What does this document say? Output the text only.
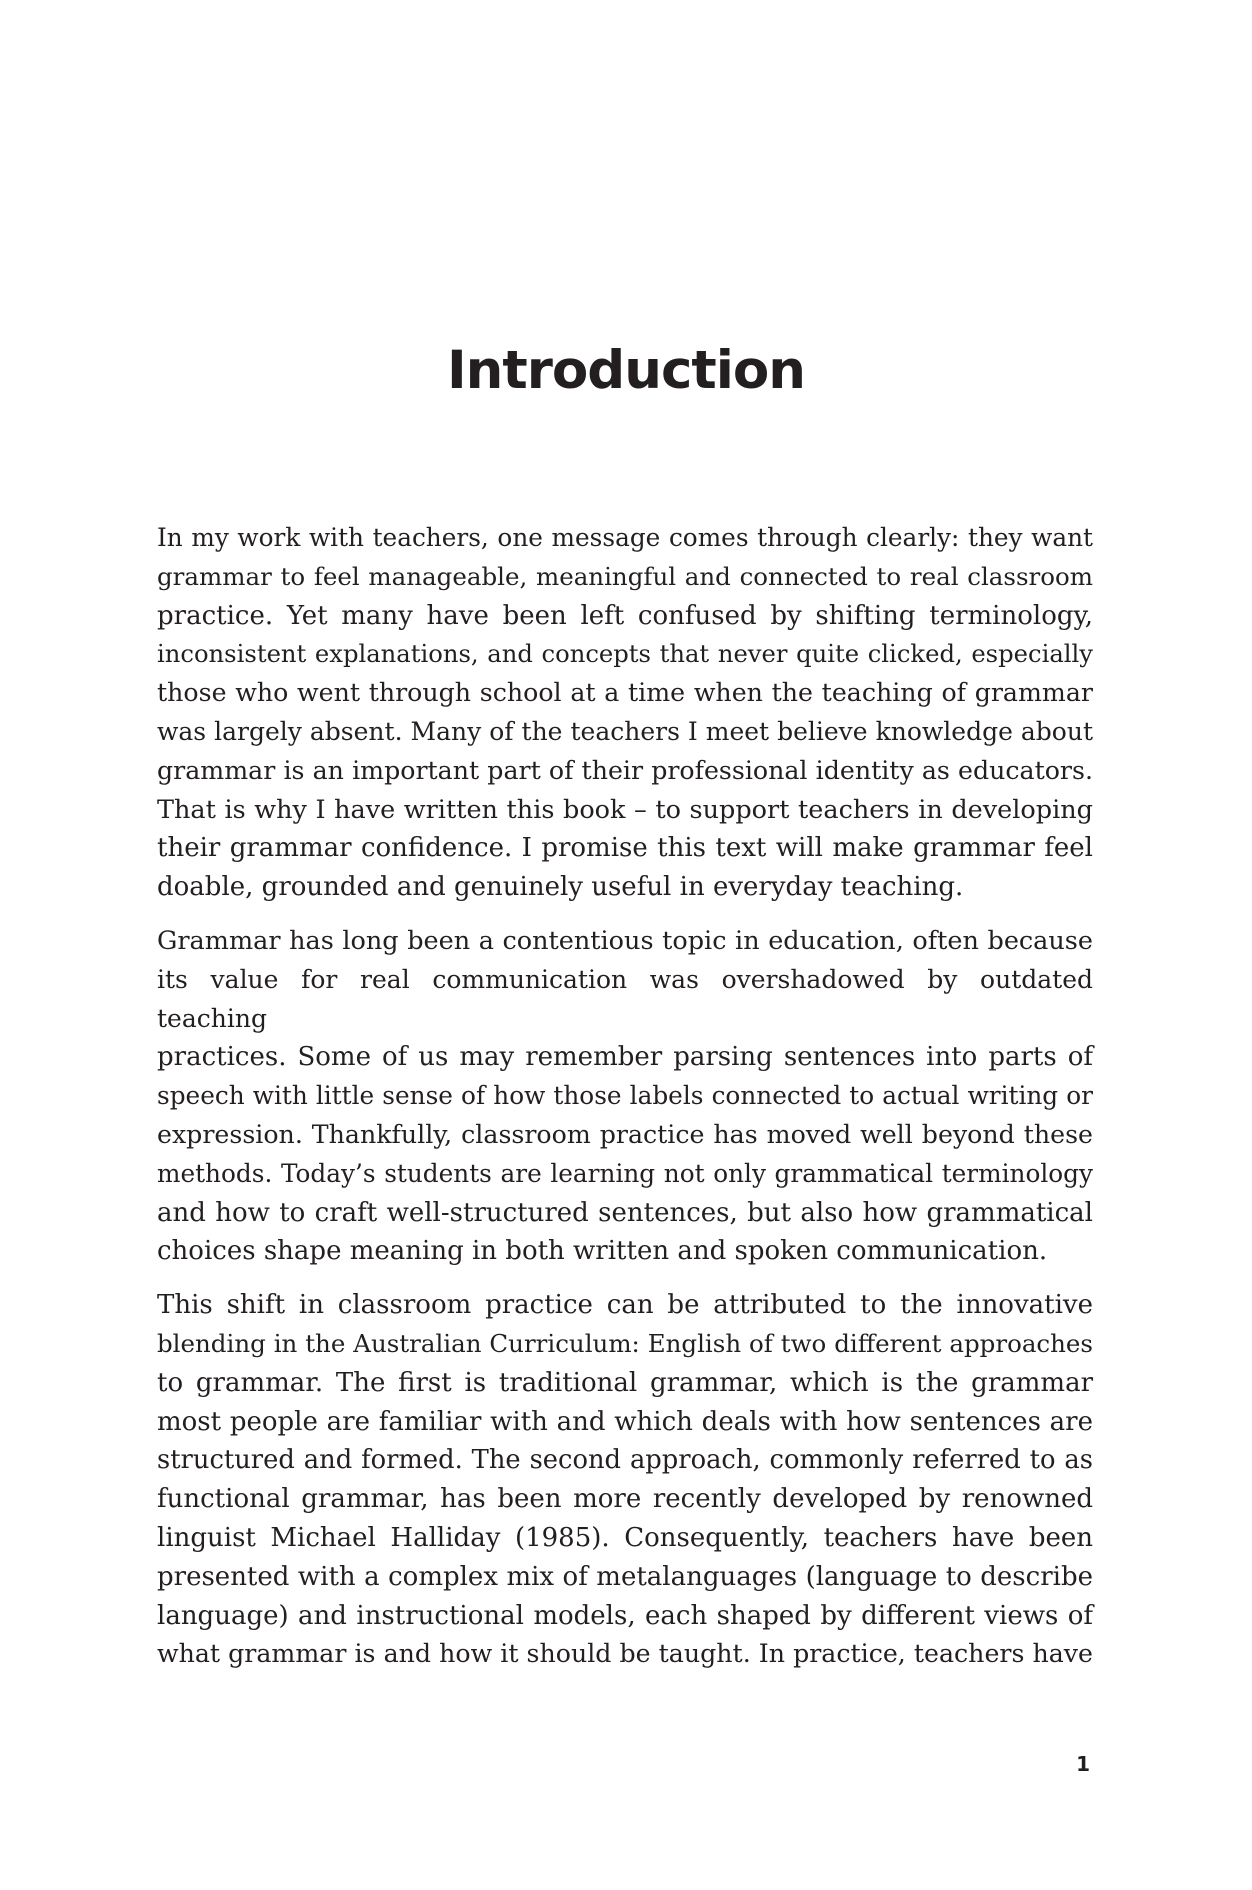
Introduction

In my work with teachers, one message comes through clearly: they want
grammar to feel manageable, meaningful and connected to real classroom
practice. Yet many have been left confused by shifting terminology,
inconsistent explanations, and concepts that never quite clicked, especially
those who went through school at a time when the teaching of grammar
was largely absent. Many of the teachers I meet believe knowledge about
grammar is an important part of their professional identity as educators.
That is why I have written this book – to support teachers in developing
their grammar confidence. I promise this text will make grammar feel
doable, grounded and genuinely useful in everyday teaching.

Grammar has long been a contentious topic in education, often because
its value for real communication was overshadowed by outdated teaching
practices. Some of us may remember parsing sentences into parts of
speech with little sense of how those labels connected to actual writing or
expression. Thankfully, classroom practice has moved well beyond these
methods. Today’s students are learning not only grammatical terminology
and how to craft well-structured sentences, but also how grammatical
choices shape meaning in both written and spoken communication.

This shift in classroom practice can be attributed to the innovative
blending in the Australian Curriculum: English of two different approaches
to grammar. The first is traditional grammar, which is the grammar
most people are familiar with and which deals with how sentences are
structured and formed. The second approach, commonly referred to as
functional grammar, has been more recently developed by renowned
linguist Michael Halliday (1985). Consequently, teachers have been
presented with a complex mix of metalanguages (language to describe
language) and instructional models, each shaped by different views of
what grammar is and how it should be taught. In practice, teachers have

1
